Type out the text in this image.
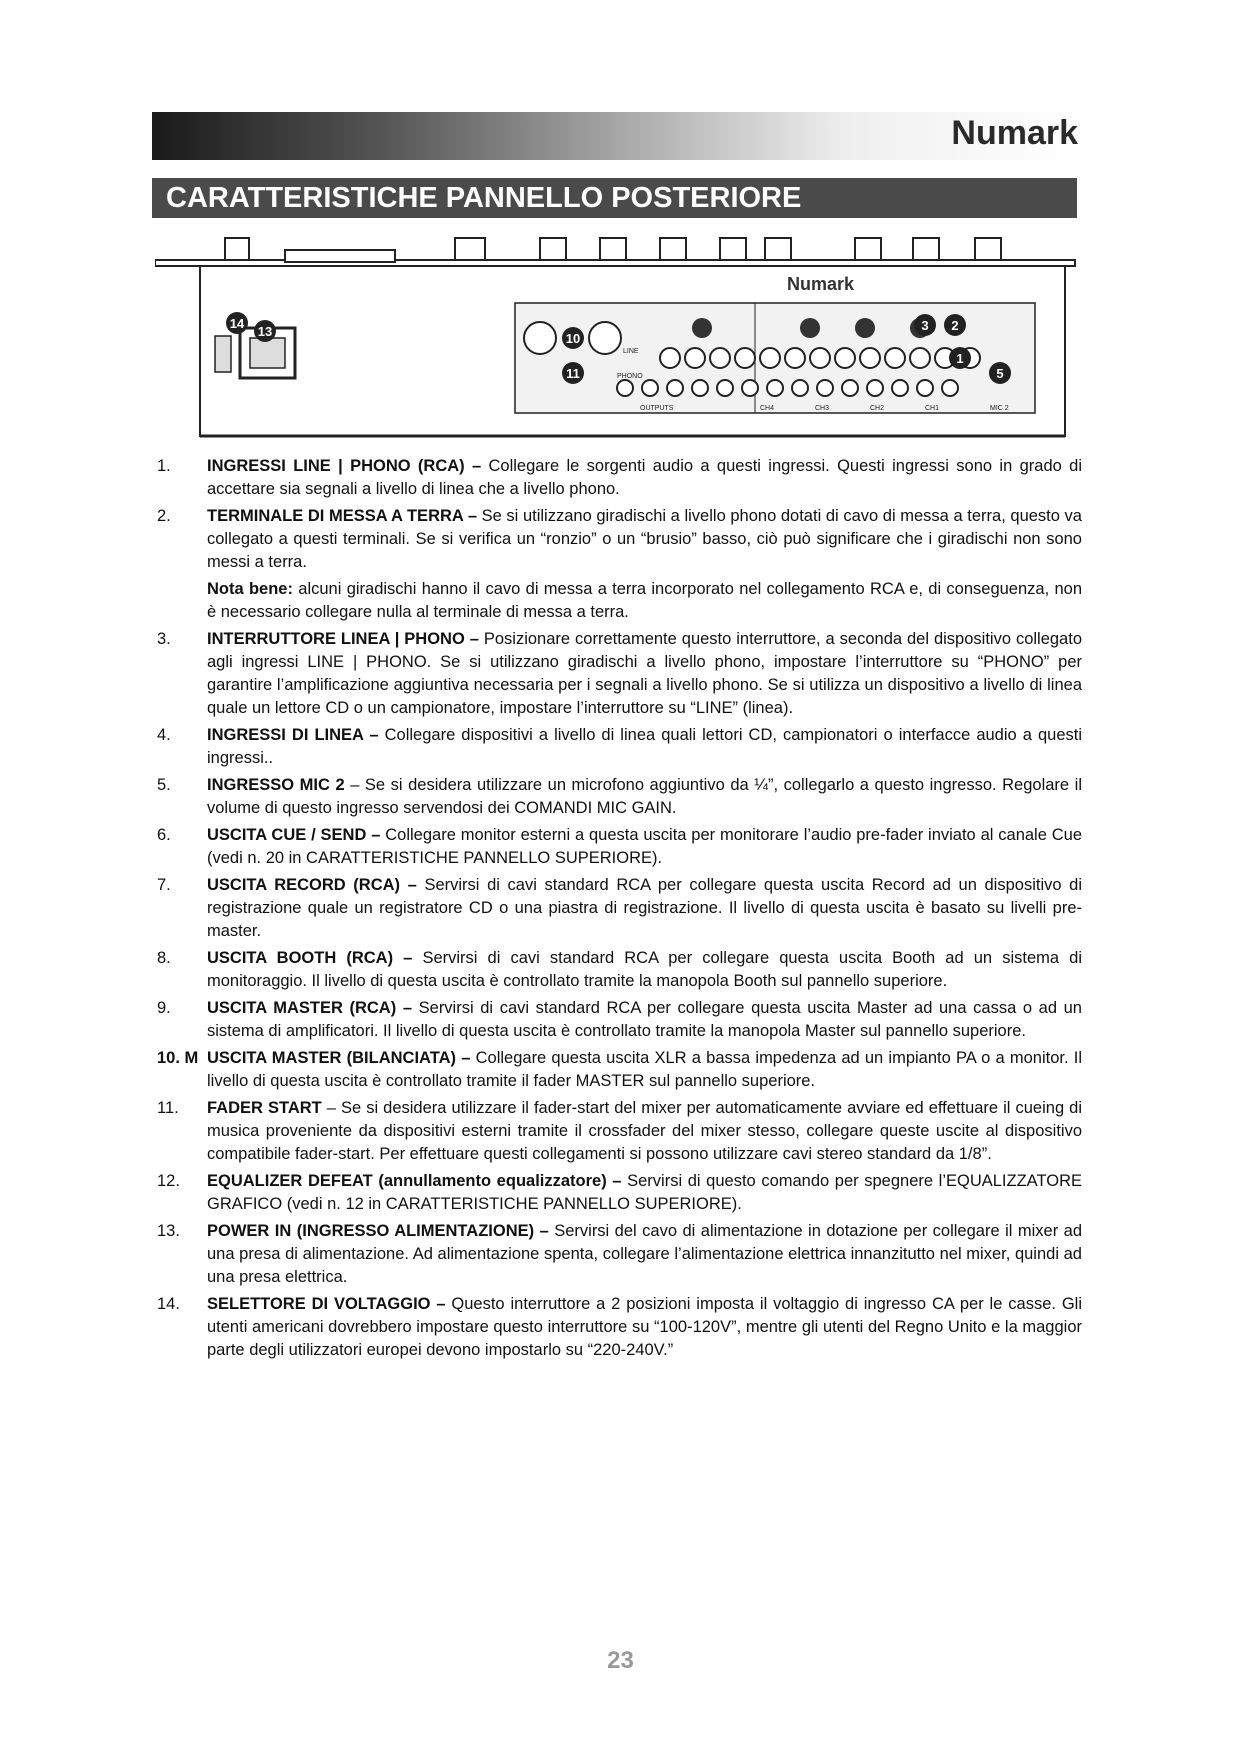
Numark
CARATTERISTICHE PANNELLO POSTERIORE
Numark
OUTPUTS	CH4	CH3	CH2	CH1	MIC 2
LINE
PHONO
14
13	10
11
3 2
1
5
1.	INGRESSI LINE | PHONO (RCA) – Collegare le sorgenti audio a questi ingressi. Questi ingressi sono in grado di accettare sia segnali a livello di linea che a livello phono.
2.	TERMINALE DI MESSA A TERRA – Se si utilizzano giradischi a livello phono dotati di cavo di messa a terra, questo va collegato a questi terminali. Se si verifica un “ronzio” o un “brusio” basso, ciò può significare che i giradischi non sono messi a terra.
Nota bene: alcuni giradischi hanno il cavo di messa a terra incorporato nel collegamento RCA e, di conseguenza, non è necessario collegare nulla al terminale di messa a terra.
3.	INTERRUTTORE LINEA | PHONO – Posizionare correttamente questo interruttore, a seconda del dispositivo collegato agli ingressi LINE | PHONO. Se si utilizzano giradischi a livello phono, impostare l’interruttore su “PHONO” per garantire l’amplificazione aggiuntiva necessaria per i segnali a livello phono. Se si utilizza un dispositivo a livello di linea quale un lettore CD o un campionatore, impostare l’interruttore su “LINE” (linea).
4.	INGRESSI DI LINEA – Collegare dispositivi a livello di linea quali lettori CD, campionatori o interfacce audio a questi ingressi..
5.	INGRESSO MIC 2 – Se si desidera utilizzare un microfono aggiuntivo da ¼”, collegarlo a questo ingresso. Regolare il volume di questo ingresso servendosi dei COMANDI MIC GAIN.
6.	USCITA CUE / SEND – Collegare monitor esterni a questa uscita per monitorare l’audio pre-fader inviato al canale Cue (vedi n. 20 in CARATTERISTICHE PANNELLO SUPERIORE).
7.	USCITA RECORD (RCA) – Servirsi di cavi standard RCA per collegare questa uscita Record ad un dispositivo di registrazione quale un registratore CD o una piastra di registrazione. Il livello di questa uscita è basato su livelli pre-master.
8.	USCITA BOOTH (RCA) – Servirsi di cavi standard RCA per collegare questa uscita Booth ad un sistema di monitoraggio. Il livello di questa uscita è controllato tramite la manopola Booth sul pannello superiore.
9.	USCITA MASTER (RCA) – Servirsi di cavi standard RCA per collegare questa uscita Master ad una cassa o ad un sistema di amplificatori. Il livello di questa uscita è controllato tramite la manopola Master sul pannello superiore.
10. M USCITA MASTER (BILANCIATA) – Collegare questa uscita XLR a bassa impedenza ad un impianto PA o a monitor. Il livello di questa uscita è controllato tramite il fader MASTER sul pannello superiore.
11.	FADER START – Se si desidera utilizzare il fader-start del mixer per automaticamente avviare ed effettuare il cueing di musica proveniente da dispositivi esterni tramite il crossfader del mixer stesso, collegare queste uscite al dispositivo compatibile fader-start. Per effettuare questi collegamenti si possono utilizzare cavi stereo standard da 1/8”.
12.	EQUALIZER DEFEAT (annullamento equalizzatore) – Servirsi di questo comando per spegnere l’EQUALIZZATORE GRAFICO (vedi n. 12 in CARATTERISTICHE PANNELLO SUPERIORE).
13.	POWER IN (INGRESSO ALIMENTAZIONE) – Servirsi del cavo di alimentazione in dotazione per collegare il mixer ad una presa di alimentazione. Ad alimentazione spenta, collegare l’alimentazione elettrica innanzitutto nel mixer, quindi ad una presa elettrica.
14.	SELETTORE DI VOLTAGGIO – Questo interruttore a 2 posizioni imposta il voltaggio di ingresso CA per le casse. Gli utenti americani dovrebbero impostare questo interruttore su “100-120V”, mentre gli utenti del Regno Unito e la maggior parte degli utilizzatori europei devono impostarlo su “220-240V.”
23
